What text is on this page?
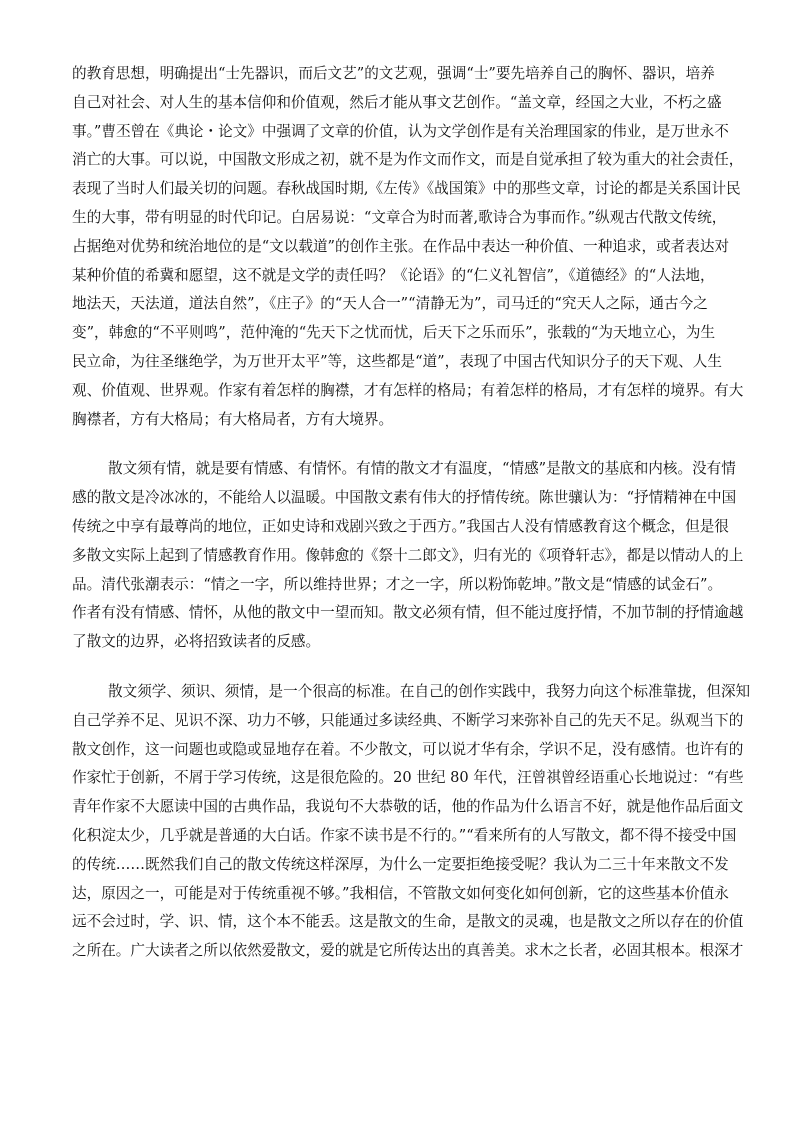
的教育思想，明确提出“士先器识，而后文艺”的文艺观，强调“士”要先培养自己的胸怀、器识，培养

自己对社会、对人生的基本信仰和价值观，然后才能从事文艺创作。“盖文章，经国之大业，不朽之盛

事。”曹丕曾在《典论・论文》中强调了文章的价值，认为文学创作是有关治理国家的伟业，是万世永不

消亡的大事。可以说，中国散文形成之初，就不是为作文而作文，而是自觉承担了较为重大的社会责任，

表现了当时人们最关切的问题。春秋战国时期,《左传》《战国策》中的那些文章，讨论的都是关系国计民

生的大事，带有明显的时代印记。白居易说：“文章合为时而著,歌诗合为事而作。”纵观古代散文传统，

占据绝对优势和统治地位的是“文以载道”的创作主张。在作品中表达一种价值、一种追求，或者表达对

某种价值的希冀和愿望，这不就是文学的责任吗？《论语》的“仁义礼智信”，《道德经》的“人法地，

地法天，天法道，道法自然”，《庄子》的“天人合一”“清静无为”，司马迁的“究天人之际，通古今之

变”，韩愈的“不平则鸣”，范仲淹的“先天下之忧而忧，后天下之乐而乐”，张载的“为天地立心，为生

民立命，为往圣继绝学，为万世开太平”等，这些都是“道”，表现了中国古代知识分子的天下观、人生

观、价值观、世界观。作家有着怎样的胸襟，才有怎样的格局；有着怎样的格局，才有怎样的境界。有大

胸襟者，方有大格局；有大格局者，方有大境界。

散文须有情，就是要有情感、有情怀。有情的散文才有温度，“情感”是散文的基底和内核。没有情

感的散文是冷冰冰的，不能给人以温暖。中国散文素有伟大的抒情传统。陈世骧认为：“抒情精神在中国

传统之中享有最尊尚的地位，正如史诗和戏剧兴致之于西方。”我国古人没有情感教育这个概念，但是很

多散文实际上起到了情感教育作用。像韩愈的《祭十二郎文》，归有光的《项脊轩志》，都是以情动人的上

品。清代张潮表示：“情之一字，所以维持世界；才之一字，所以粉饰乾坤。”散文是“情感的试金石”。

作者有没有情感、情怀，从他的散文中一望而知。散文必须有情，但不能过度抒情，不加节制的抒情逾越

了散文的边界，必将招致读者的反感。

散文须学、须识、须情，是一个很高的标准。在自己的创作实践中，我努力向这个标准靠拢，但深知

自己学养不足、见识不深、功力不够，只能通过多读经典、不断学习来弥补自己的先天不足。纵观当下的

散文创作，这一问题也或隐或显地存在着。不少散文，可以说才华有余，学识不足，没有感情。也许有的

作家忙于创新，不屑于学习传统，这是很危险的。20 世纪 80 年代，汪曾祺曾经语重心长地说过：“有些

青年作家不大愿读中国的古典作品，我说句不大恭敬的话，他的作品为什么语言不好，就是他作品后面文

化积淀太少，几乎就是普通的大白话。作家不读书是不行的。”“看来所有的人写散文，都不得不接受中国

的传统……既然我们自己的散文传统这样深厚，为什么一定要拒绝接受呢？我认为二三十年来散文不发

达，原因之一，可能是对于传统重视不够。”我相信，不管散文如何变化如何创新，它的这些基本价值永

远不会过时，学、识、情，这个本不能丢。这是散文的生命，是散文的灵魂，也是散文之所以存在的价值

之所在。广大读者之所以依然爱散文，爱的就是它所传达出的真善美。求木之长者，必固其根本。根深才
